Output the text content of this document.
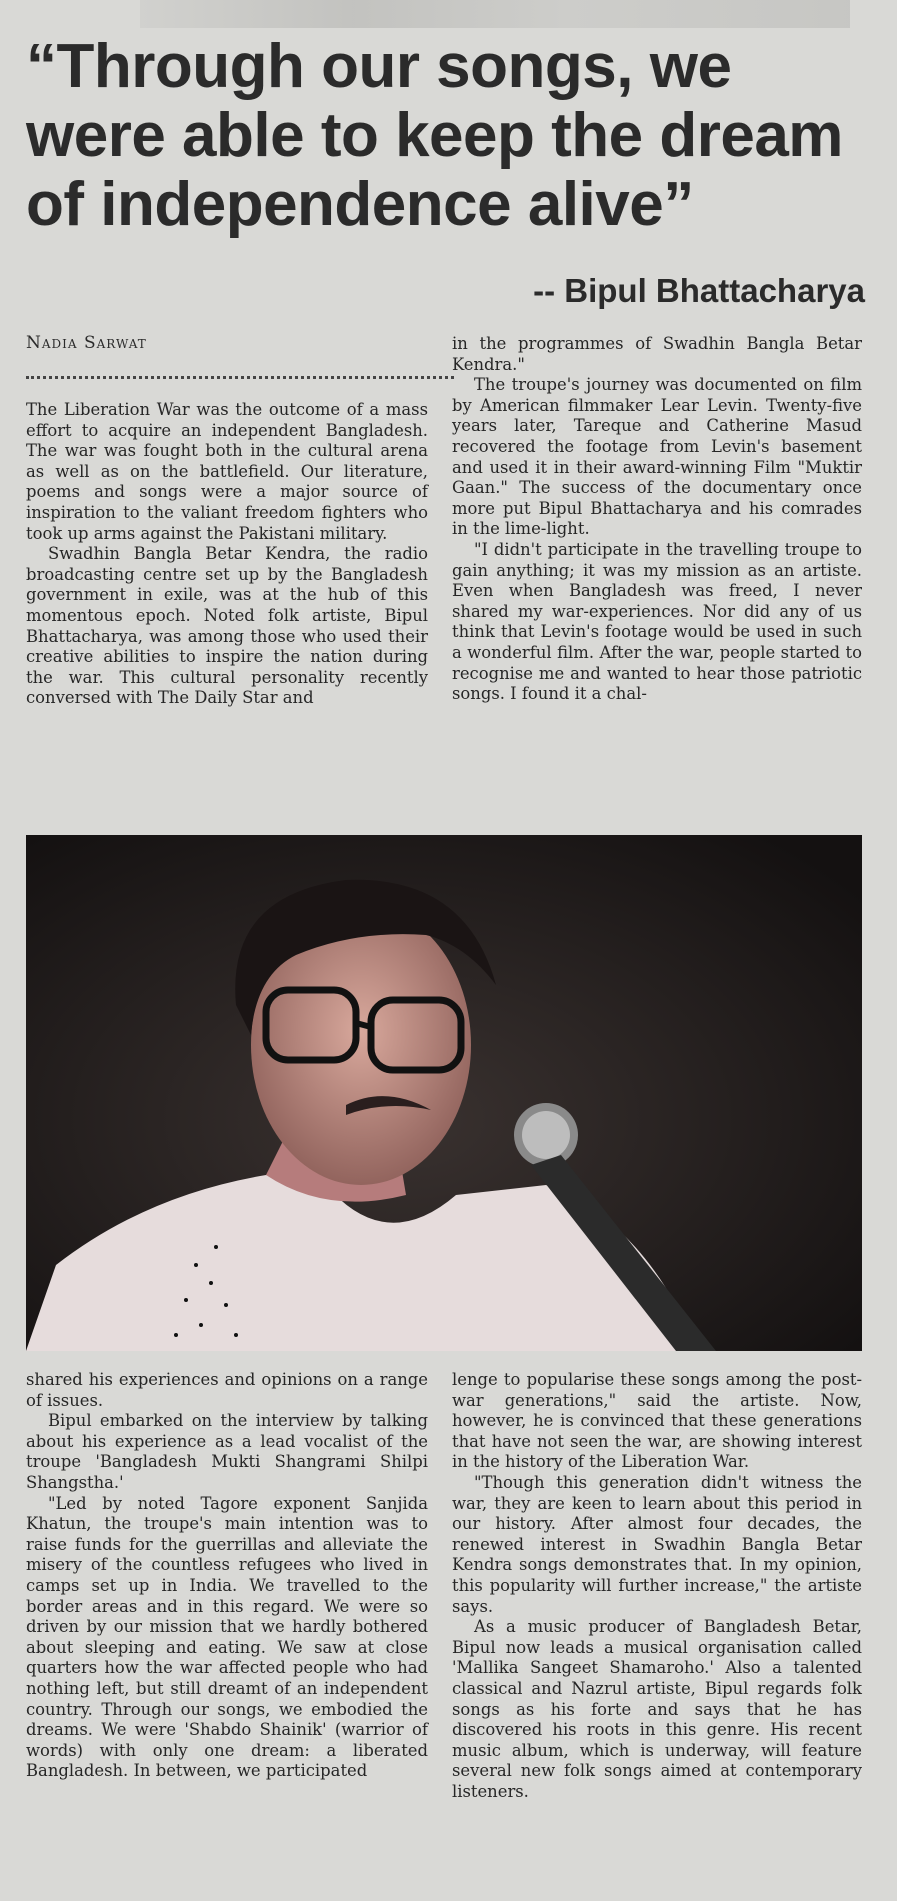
“Through our songs, we were able to keep the dream of independence alive”
-- Bipul Bhattacharya
Nadia Sarwat

The Liberation War was the outcome of a mass effort to acquire an independent Bangladesh. The war was fought both in the cultural arena as well as on the battlefield. Our literature, poems and songs were a major source of inspiration to the valiant freedom fighters who took up arms against the Pakistani military.

Swadhin Bangla Betar Kendra, the radio broadcasting centre set up by the Bangladesh government in exile, was at the hub of this momentous epoch. Noted folk artiste, Bipul Bhattacharya, was among those who used their creative abilities to inspire the nation during the war. This cultural personality recently conversed with The Daily Star and

in the programmes of Swadhin Bangla Betar Kendra."

The troupe's journey was documented on film by American filmmaker Lear Levin. Twenty-five years later, Tareque and Catherine Masud recovered the footage from Levin's basement and used it in their award-winning Film "Muktir Gaan." The success of the documentary once more put Bipul Bhattacharya and his comrades in the lime-light.

"I didn't participate in the travelling troupe to gain anything; it was my mission as an artiste. Even when Bangladesh was freed, I never shared my war-experiences. Nor did any of us think that Levin's footage would be used in such a wonderful film. After the war, people started to recognise me and wanted to hear those patriotic songs. I found it a chal-

shared his experiences and opinions on a range of issues.

Bipul embarked on the interview by talking about his experience as a lead vocalist of the troupe 'Bangladesh Mukti Shangrami Shilpi Shangstha.'

"Led by noted Tagore exponent Sanjida Khatun, the troupe's main intention was to raise funds for the guerrillas and alleviate the misery of the countless refugees who lived in camps set up in India. We travelled to the border areas and in this regard. We were so driven by our mission that we hardly bothered about sleeping and eating. We saw at close quarters how the war affected people who had nothing left, but still dreamt of an independent country. Through our songs, we embodied the dreams. We were 'Shabdo Shainik' (warrior of words) with only one dream: a liberated Bangladesh. In between, we participated

lenge to popularise these songs among the post-war generations," said the artiste. Now, however, he is convinced that these generations that have not seen the war, are showing interest in the history of the Liberation War.

"Though this generation didn't witness the war, they are keen to learn about this period in our history. After almost four decades, the renewed interest in Swadhin Bangla Betar Kendra songs demonstrates that. In my opinion, this popularity will further increase," the artiste says.

As a music producer of Bangladesh Betar, Bipul now leads a musical organisation called 'Mallika Sangeet Shamaroho.' Also a talented classical and Nazrul artiste, Bipul regards folk songs as his forte and says that he has discovered his roots in this genre. His recent music album, which is underway, will feature several new folk songs aimed at contemporary listeners.
